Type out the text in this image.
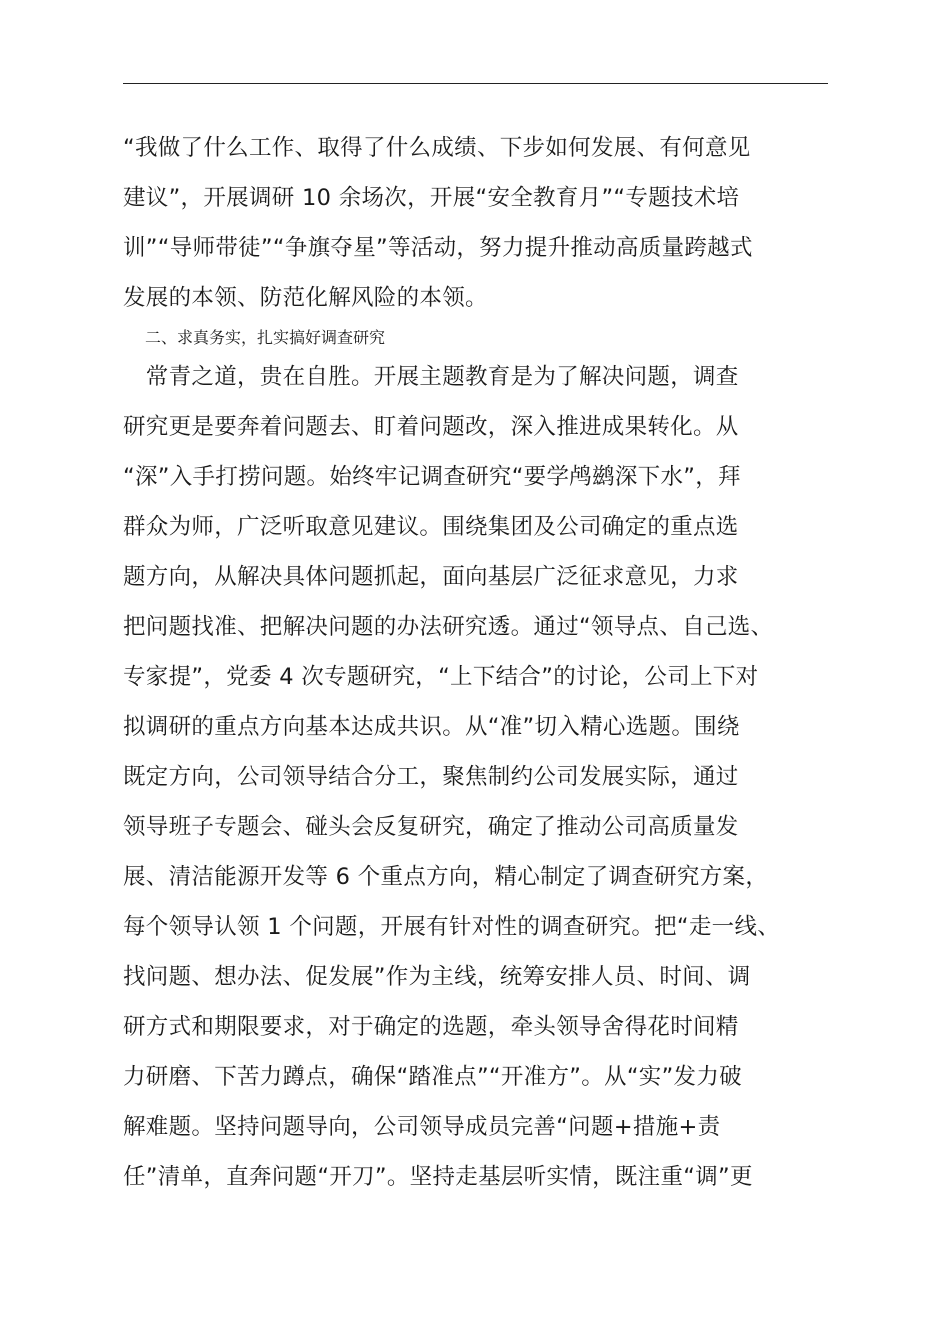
“我做了什么工作、取得了什么成绩、下步如何发展、有何意见
建议”，开展调研 10 余场次，开展“安全教育月”“专题技术培
训”“导师带徒”“争旗夺星”等活动，努力提升推动高质量跨越式
发展的本领、防范化解风险的本领。
二、求真务实，扎实搞好调查研究
　常青之道，贵在自胜。开展主题教育是为了解决问题，调查
研究更是要奔着问题去、盯着问题改，深入推进成果转化。从
“深”入手打捞问题。始终牢记调查研究“要学鸬鹚深下水”，拜
群众为师，广泛听取意见建议。围绕集团及公司确定的重点选
题方向，从解决具体问题抓起，面向基层广泛征求意见，力求
把问题找准、把解决问题的办法研究透。通过“领导点、自己选、
专家提”，党委 4 次专题研究，“上下结合”的讨论，公司上下对
拟调研的重点方向基本达成共识。从“准”切入精心选题。围绕
既定方向，公司领导结合分工，聚焦制约公司发展实际，通过
领导班子专题会、碰头会反复研究，确定了推动公司高质量发
展、清洁能源开发等 6 个重点方向，精心制定了调查研究方案，
每个领导认领 1 个问题，开展有针对性的调查研究。把“走一线、
找问题、想办法、促发展”作为主线，统筹安排人员、时间、调
研方式和期限要求，对于确定的选题，牵头领导舍得花时间精
力研磨、下苦力蹲点，确保“踏准点”“开准方”。从“实”发力破
解难题。坚持问题导向，公司领导成员完善“问题+措施+责
任”清单，直奔问题“开刀”。坚持走基层听实情，既注重“调”更
